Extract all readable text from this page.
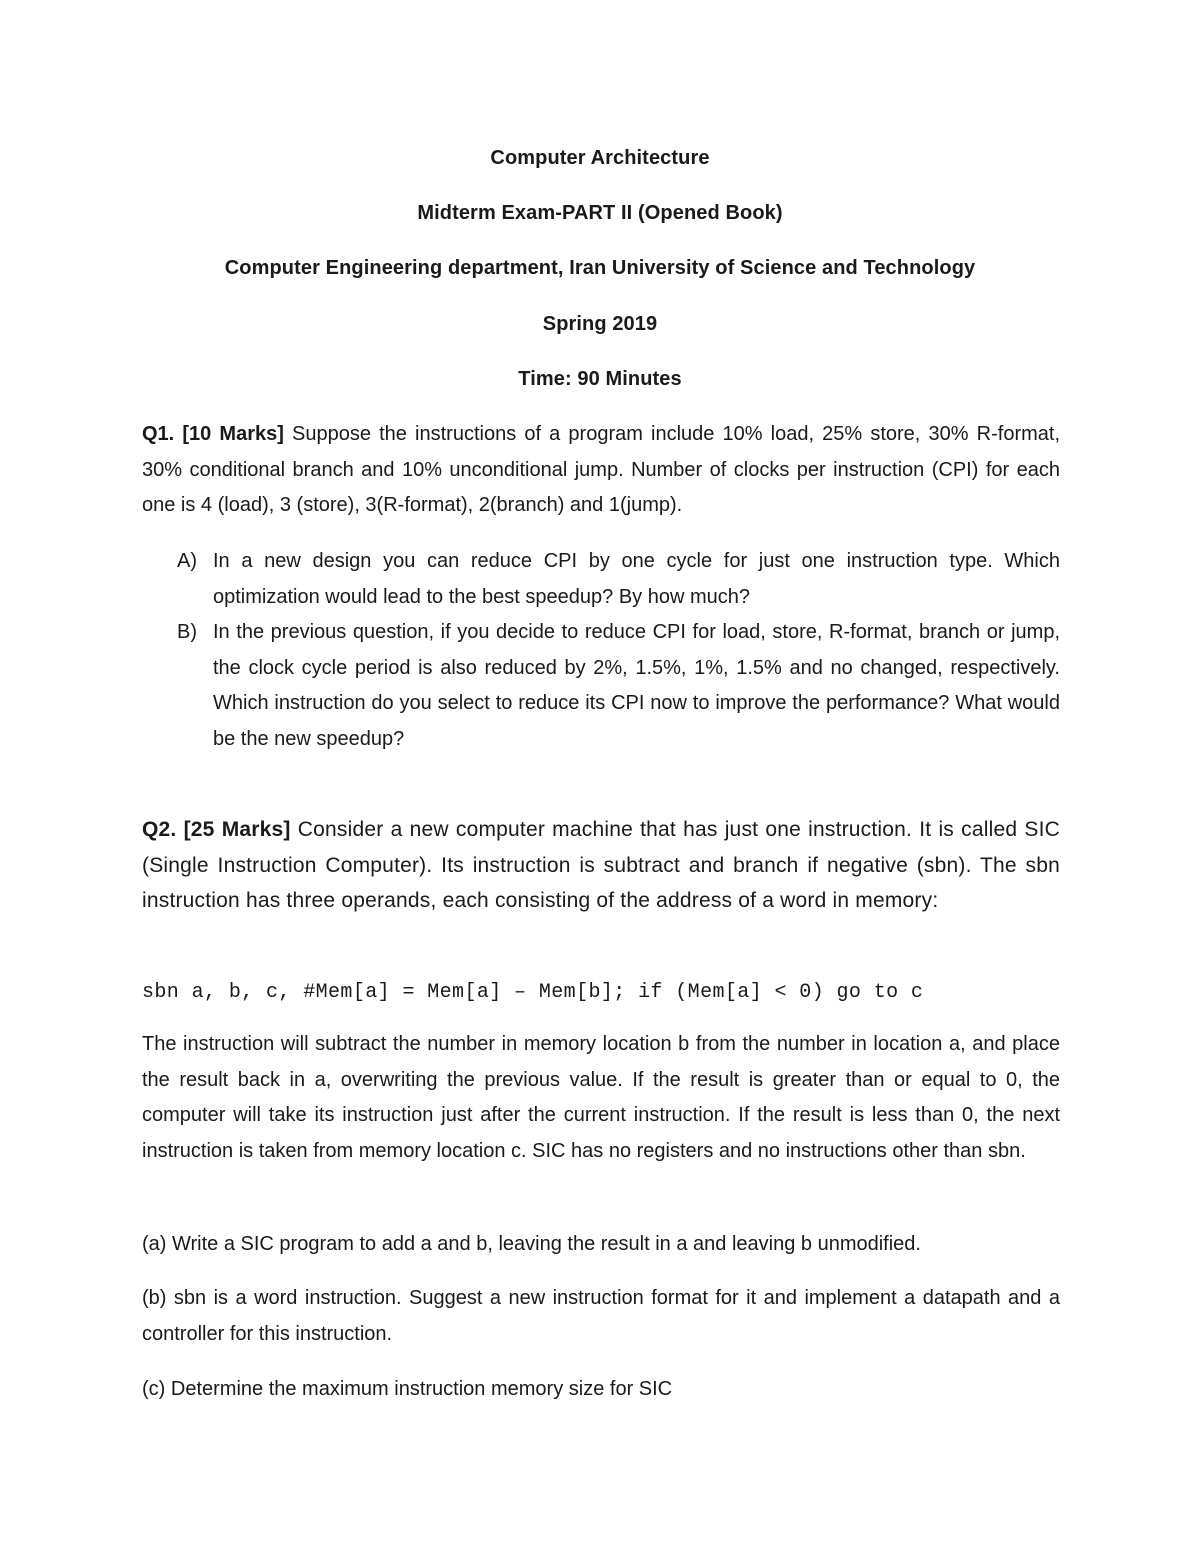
Computer Architecture
Midterm Exam-PART II (Opened Book)
Computer Engineering department, Iran University of Science and Technology
Spring 2019
Time: 90 Minutes
Q1. [10 Marks] Suppose the instructions of a program include 10% load, 25% store, 30% R-format, 30% conditional branch and 10% unconditional jump. Number of clocks per instruction (CPI) for each one is 4 (load), 3 (store), 3(R-format), 2(branch) and 1(jump).
A) In a new design you can reduce CPI by one cycle for just one instruction type. Which optimization would lead to the best speedup? By how much?
B) In the previous question, if you decide to reduce CPI for load, store, R-format, branch or jump, the clock cycle period is also reduced by 2%, 1.5%, 1%, 1.5% and no changed, respectively. Which instruction do you select to reduce its CPI now to improve the performance? What would be the new speedup?
Q2. [25 Marks] Consider a new computer machine that has just one instruction. It is called SIC (Single Instruction Computer). Its instruction is subtract and branch if negative (sbn). The sbn instruction has three operands, each consisting of the address of a word in memory:
sbn a, b, c, #Mem[a] = Mem[a] – Mem[b]; if (Mem[a] < 0) go to c
The instruction will subtract the number in memory location b from the number in location a, and place the result back in a, overwriting the previous value. If the result is greater than or equal to 0, the computer will take its instruction just after the current instruction. If the result is less than 0, the next instruction is taken from memory location c. SIC has no registers and no instructions other than sbn.
(a) Write a SIC program to add a and b, leaving the result in a and leaving b unmodified.
(b) sbn is a word instruction. Suggest a new instruction format for it and implement a datapath and a controller for this instruction.
(c) Determine the maximum instruction memory size for SIC
